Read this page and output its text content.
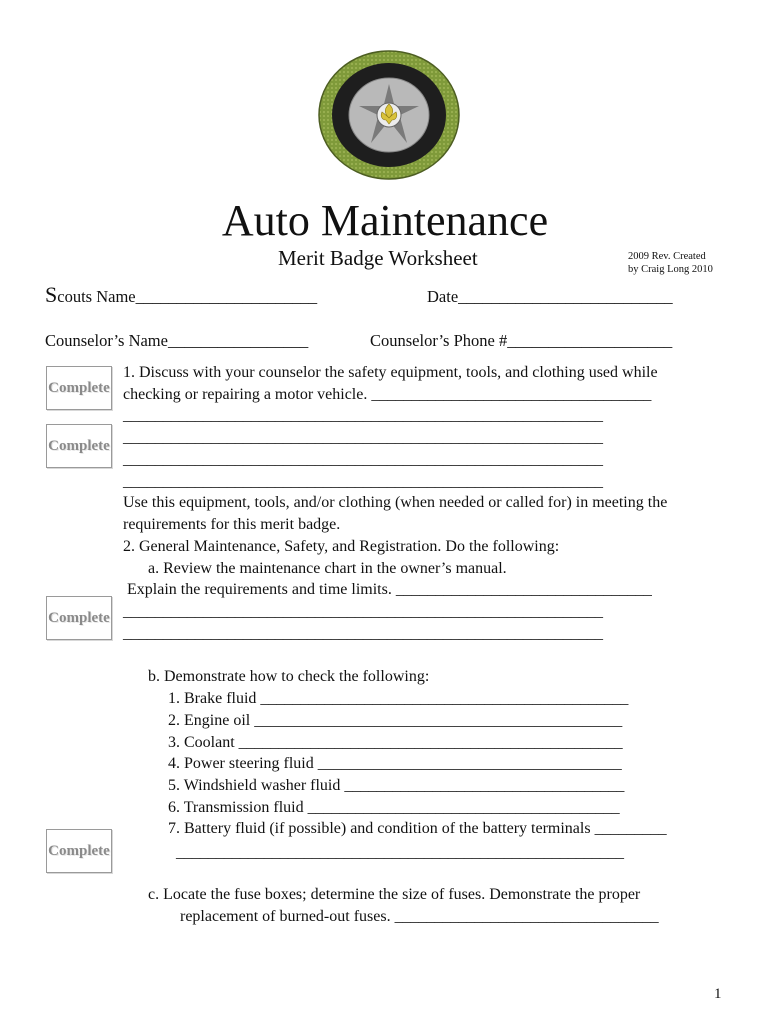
Auto Maintenance
Merit Badge Worksheet	2009 Rev. Created
by Craig Long 2010
Scouts Name______________________	Date__________________________
Counselor’s Name_________________	Counselor’s Phone #____________________
Complete
Complete
Complete
Complete
1. Discuss with your counselor the safety equipment, tools, and clothing used while
checking or repairing a motor vehicle. ___________________________________
____________________________________________________________
____________________________________________________________
____________________________________________________________
____________________________________________________________
Use this equipment, tools, and/or clothing (when needed or called for) in meeting the
requirements for this merit badge.
2. General Maintenance, Safety, and Registration. Do the following:
a. Review the maintenance chart in the owner’s manual.
Explain the requirements and time limits. ________________________________
____________________________________________________________
____________________________________________________________
b. Demonstrate how to check the following:
1. Brake fluid ______________________________________________
2. Engine oil ______________________________________________
3. Coolant ________________________________________________
4. Power steering fluid ______________________________________
5. Windshield washer fluid ___________________________________
6. Transmission fluid _______________________________________
7. Battery fluid (if possible) and condition of the battery terminals _________
________________________________________________________
c. Locate the fuse boxes; determine the size of fuses. Demonstrate the proper
replacement of burned-out fuses. _________________________________
1
